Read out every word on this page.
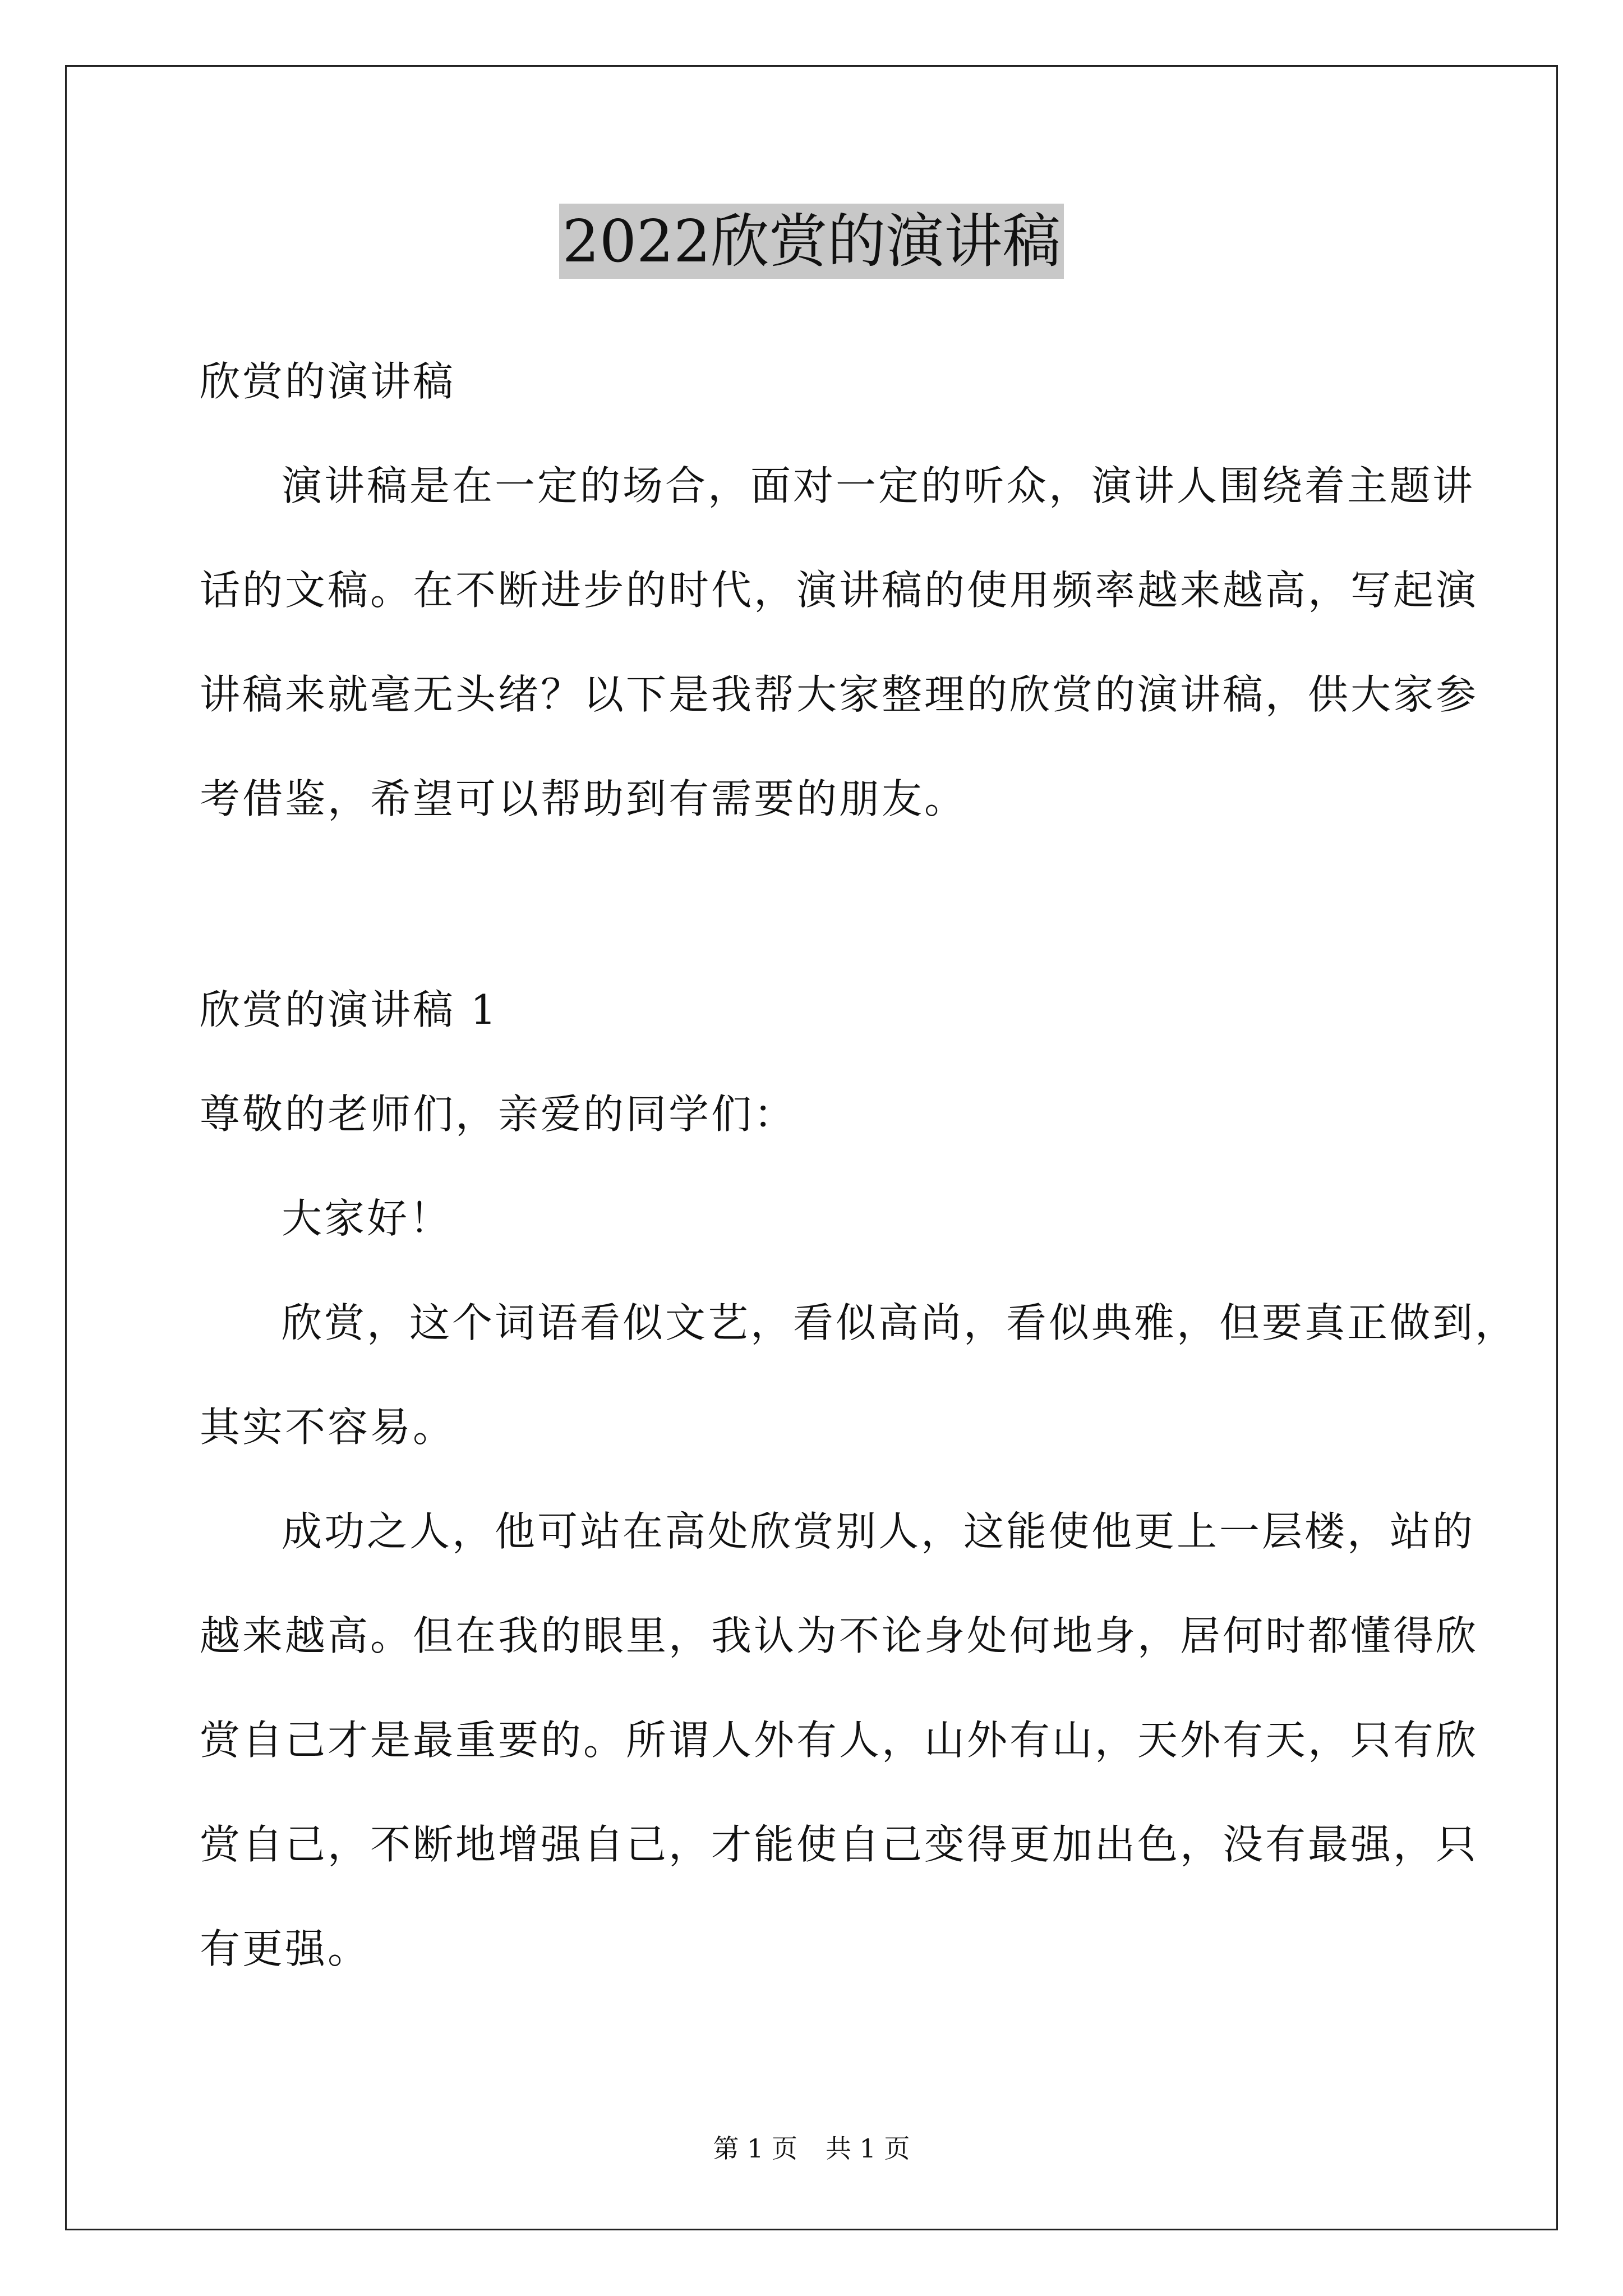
2022欣赏的演讲稿
欣赏的演讲稿
演讲稿是在一定的场合，面对一定的听众，演讲人围绕着主题讲
话的文稿。在不断进步的时代，演讲稿的使用频率越来越高，写起演
讲稿来就毫无头绪？以下是我帮大家整理的欣赏的演讲稿，供大家参
考借鉴，希望可以帮助到有需要的朋友。
欣赏的演讲稿 1
尊敬的老师们，亲爱的同学们：
大家好！
欣赏，这个词语看似文艺，看似高尚，看似典雅，但要真正做到，
其实不容易。
成功之人，他可站在高处欣赏别人，这能使他更上一层楼，站的
越来越高。但在我的眼里，我认为不论身处何地身，居何时都懂得欣
赏自己才是最重要的。所谓人外有人，山外有山，天外有天，只有欣
赏自己，不断地增强自己，才能使自己变得更加出色，没有最强，只
有更强。
第 1 页 共 1 页
